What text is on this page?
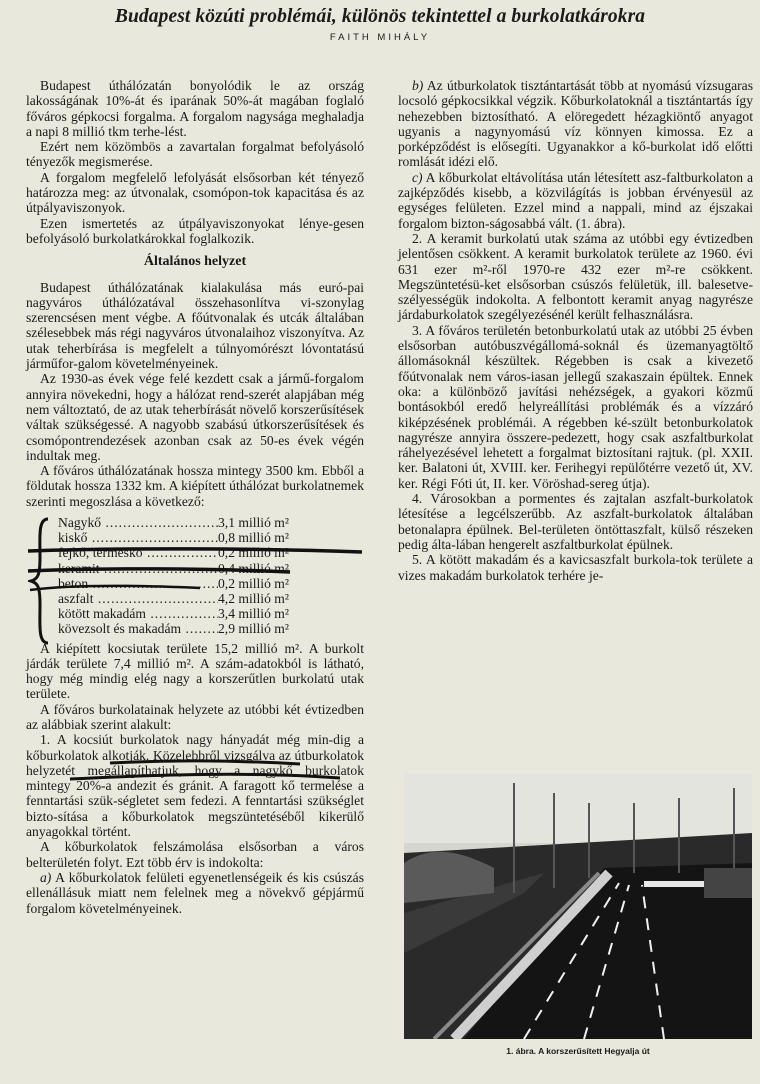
Budapest közúti problémái, különös tekintettel a burkolatkárokra
FAITH MIHÁLY

Budapest úthálózatán bonyolódik le az ország lakosságának 10%-át és iparának 50%-át magában foglaló főváros gépkocsi forgalma. A forgalom nagysága meghaladja a napi 8 millió tkm terhe-lést.

Ezért nem közömbös a zavartalan forgalmat befolyásoló tényezők megismerése.

A forgalom megfelelő lefolyását elsősorban két tényező határozza meg: az útvonalak, csomópon-tok kapacitása és az útpályaviszonyok.

Ezen ismertetés az útpályaviszonyokat lénye-gesen befolyásoló burkolatkárokkal foglalkozik.

Általános helyzet

Budapest úthálózatának kialakulása más euró-pai nagyváros úthálózatával összehasonlítva vi-szonylag szerencsésen ment végbe. A főútvonalak és utcák általában szélesebbek más régi nagyváros útvonalaihoz viszonyítva. Az utak teherbírása is megfelelt a túlnyomórészt lóvontatású járműfor-galom követelményeinek.

Az 1930-as évek vége felé kezdett csak a jármű-forgalom annyira növekedni, hogy a hálózat rend-szerét alapjában még nem változtató, de az utak teherbírását növelő korszerűsítések váltak szükségessé. A nagyobb szabású útkorszerűsítések és csomópontrendezések azonban csak az 50-es évek végén indultak meg.

A főváros úthálózatának hossza mintegy 3500 km. Ebből a földutak hossza 1332 km. A kiépített úthálózat burkolatnemek szerinti megoszlása a következő:

Nagykő .....	3,1 millió m²
kiskő .....	0,8 millió m²
fejkő, terméskő .....	0,2 millió m²
keramit .....	0,4 millió m²
beton .....	0,2 millió m²
aszfalt .....	4,2 millió m²
kötött makadám .....	3,4 millió m²
kövezsolt és makadám .....	2,9 millió m²

A kiépített kocsiutak területe 15,2 millió m². A burkolt járdák területe 7,4 millió m². A szám-adatokból is látható, hogy még mindig elég nagy a korszerűtlen burkolatú utak területe.

A főváros burkolatainak helyzete az utóbbi két évtizedben az alábbiak szerint alakult:

1. A kocsiút burkolatok nagy hányadát még min-dig a kőburkolatok alkotják. Közelebbről vizsgálva az útburkolatok helyzetét megállapíthatjuk, hogy a nagykő burkolatok mintegy 20%-a andezit és gránit. A faragott kő termelése a fenntartási szük-ségletet sem fedezi. A fenntartási szükséglet bizto-sítása a kőburkolatok megszüntetéséből kikerülő anyagokkal történt.

A kőburkolatok felszámolása elsősorban a város belterületén folyt. Ezt több érv is indokolta:

a) A kőburkolatok felületi egyenetlenségeik és kis csúszás ellenállásuk miatt nem felelnek meg a növekvő gépjármű forgalom követelményeinek.

b) Az útburkolatok tisztántartását több at nyomású vízsugaras locsoló gépkocsikkal végzik. Kőburkolatoknál a tisztántartás így nehezebben biztosítható. A elöregedett hézagkiöntő anyagot ugyanis a nagynyomású víz könnyen kimossa. Ez a porképződést is elősegíti. Ugyanakkor a kő-burkolat idő előtti romlását idézi elő.

c) A kőburkolat eltávolítása után létesített asz-faltburkolaton a zajképződés kisebb, a közvilágítás is jobban érvényesül az egységes felületen. Ezzel mind a nappali, mind az éjszakai forgalom bizton-ságosabbá vált. (1. ábra).

2. A keramit burkolatú utak száma az utóbbi egy évtizedben jelentősen csökkent. A keramit burkolatok területe az 1960. évi 631 ezer m²-ről 1970-re 432 ezer m²-re csökkent. Megszüntetésü-ket elsősorban csúszós felületük, ill. balesetve-szélyességük indokolta. A felbontott keramit anyag nagyrésze járdaburkolatok szegélyezésénél került felhasználásra.

3. A főváros területén betonburkolatú utak az utóbbi 25 évben elsősorban autóbuszvégállomá-soknál és üzemanyagtöltő állomásoknál készültek. Régebben is csak a kivezető főútvonalak nem város-iasan jellegű szakaszain épültek. Ennek oka: a különböző javítási nehézségek, a gyakori közmű bontásokból eredő helyreállítási problémák és a vízzáró kiképzésének problémái. A régebben ké-szült betonburkolatok nagyrésze annyira összere-pedezett, hogy csak aszfaltburkolat ráhelyezésével lehetett a forgalmat biztosítani rajtuk. (pl. XXII. ker. Balatoni út, XVIII. ker. Ferihegyi repülőtérre vezető út, XV. ker. Régi Fóti út, II. ker. Vöröshad-sereg útja).

4. Városokban a pormentes és zajtalan aszfalt-burkolatok létesítése a legcélszerűbb. Az aszfalt-burkolatok általában betonalapra épülnek. Bel-területen öntöttaszfalt, külső részeken pedig álta-lában hengerelt aszfaltburkolat épülnek.

5. A kötött makadám és a kavicsaszfalt burkola-tok területe a vizes makadám burkolatok terhére je-

1. ábra. A korszerűsített Hegyalja út
